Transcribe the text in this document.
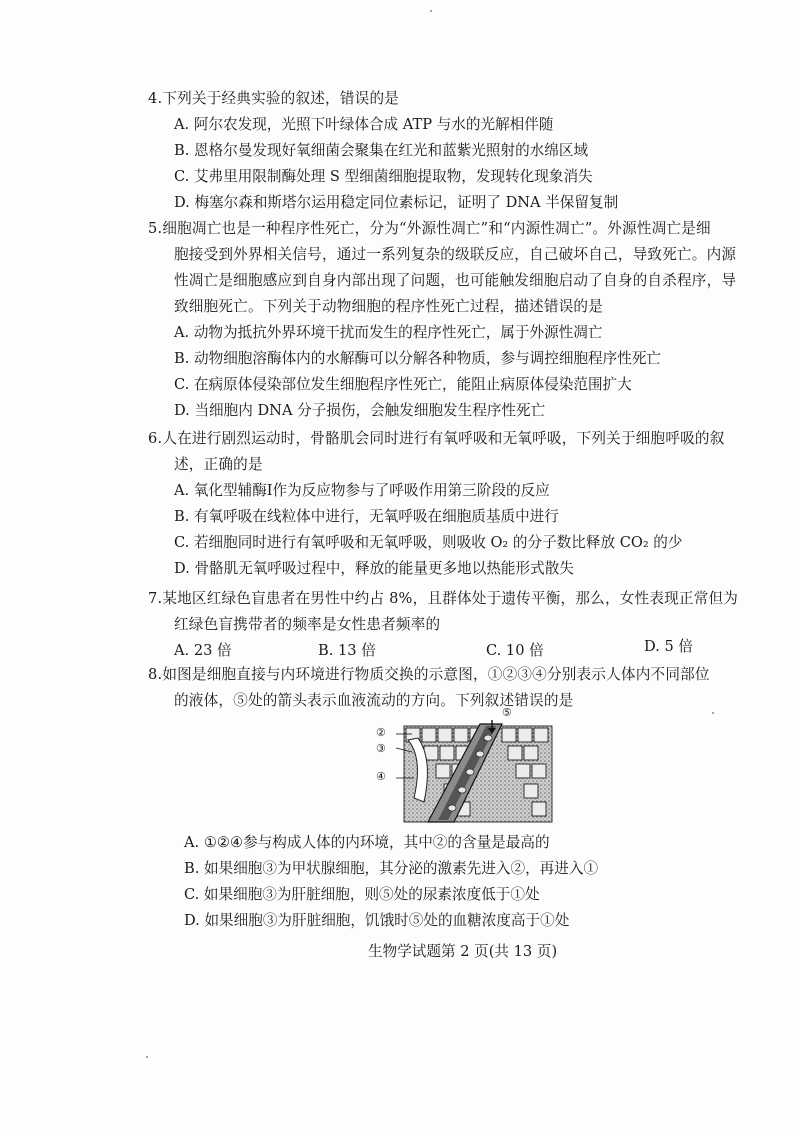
4.下列关于经典实验的叙述，错误的是
A. 阿尔农发现，光照下叶绿体合成 ATP 与水的光解相伴随
B. 恩格尔曼发现好氧细菌会聚集在红光和蓝紫光照射的水绵区域
C. 艾弗里用限制酶处理 S 型细菌细胞提取物，发现转化现象消失
D. 梅塞尔森和斯塔尔运用稳定同位素标记，证明了 DNA 半保留复制
5.细胞凋亡也是一种程序性死亡，分为“外源性凋亡”和“内源性凋亡”。外源性凋亡是细
胞接受到外界相关信号，通过一系列复杂的级联反应，自己破坏自己，导致死亡。内源
性凋亡是细胞感应到自身内部出现了问题，也可能触发细胞启动了自身的自杀程序，导
致细胞死亡。下列关于动物细胞的程序性死亡过程，描述错误的是
A. 动物为抵抗外界环境干扰而发生的程序性死亡，属于外源性凋亡
B. 动物细胞溶酶体内的水解酶可以分解各种物质，参与调控细胞程序性死亡
C. 在病原体侵染部位发生细胞程序性死亡，能阻止病原体侵染范围扩大
D. 当细胞内 DNA 分子损伤，会触发细胞发生程序性死亡
6.人在进行剧烈运动时，骨骼肌会同时进行有氧呼吸和无氧呼吸，下列关于细胞呼吸的叙
述，正确的是
A. 氧化型辅酶Ⅰ作为反应物参与了呼吸作用第三阶段的反应
B. 有氧呼吸在线粒体中进行，无氧呼吸在细胞质基质中进行
C. 若细胞同时进行有氧呼吸和无氧呼吸，则吸收 O₂ 的分子数比释放 CO₂ 的少
D. 骨骼肌无氧呼吸过程中，释放的能量更多地以热能形式散失
7.某地区红绿色盲患者在男性中约占 8%，且群体处于遗传平衡，那么，女性表现正常但为
红绿色盲携带者的频率是女性患者频率的
A. 23 倍	B. 13 倍	C. 10 倍	D. 5 倍
8.如图是细胞直接与内环境进行物质交换的示意图，①②③④分别表示人体内不同部位
的液体，⑤处的箭头表示血液流动的方向。下列叙述错误的是
②
③
④
⑤
A. ①②④参与构成人体的内环境，其中②的含量是最高的
B. 如果细胞③为甲状腺细胞，其分泌的激素先进入②，再进入①
C. 如果细胞③为肝脏细胞，则⑤处的尿素浓度低于①处
D. 如果细胞③为肝脏细胞，饥饿时⑤处的血糖浓度高于①处
生物学试题第 2 页(共 13 页)
